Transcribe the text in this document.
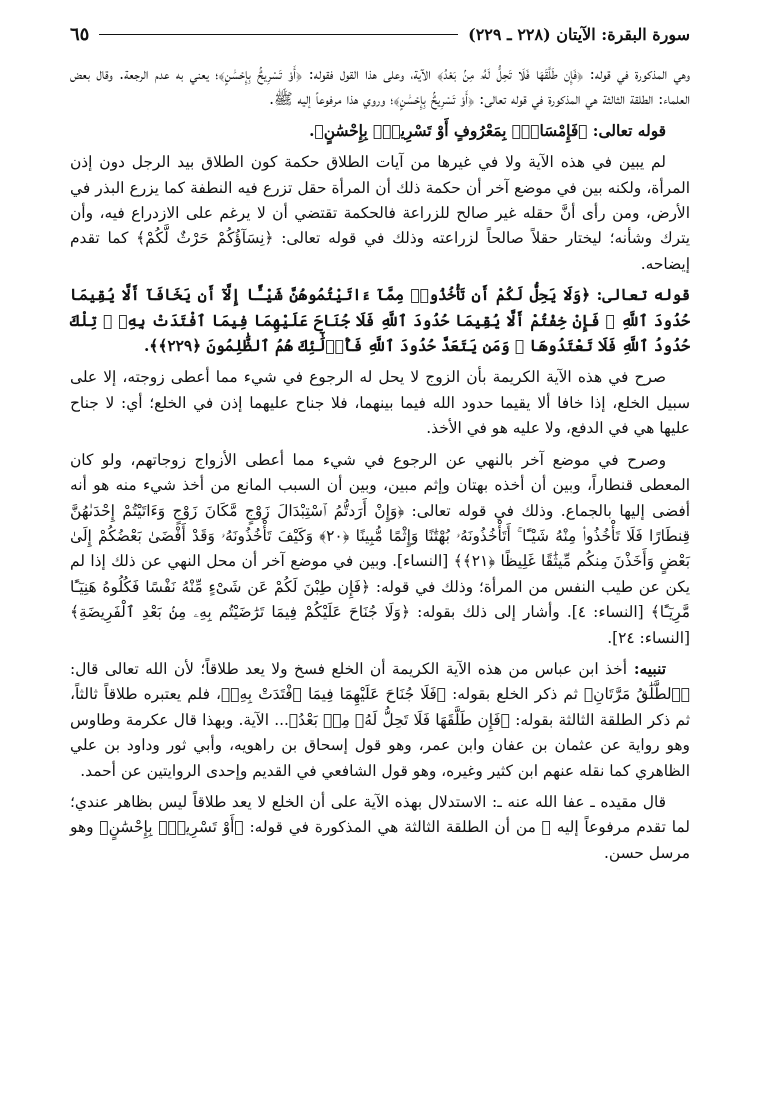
سورة البقرة: الآيتان (٢٢٨ ـ ٢٢٩)
٦٥

وهي المذكورة في قوله: ﴿فَإِن طَلَّقَهَا فَلَا تَحِلُّ لَهُۥ مِنۢ بَعْدُ﴾ الآية، وعلى هذا القول فقوله: ﴿أَوْ تَسْرِيحٌۢ بِإِحْسَٰنٍ﴾؛ يعني به عدم الرجعة. وقال بعض العلماء: الطلقة الثالثة هي المذكورة في قوله تعالى: ﴿أَوْ تَسْرِيحٌۢ بِإِحْسَٰنٍ﴾؛ وروي هذا مرفوعاً إليه ﷺ.

قوله تعالى: ﴿فَإِمْسَاكٌۢ بِمَعْرُوفٍ أَوْ تَسْرِيحٌۢ بِإِحْسَٰنٍ﴾.

لم يبين في هذه الآية ولا في غيرها من آيات الطلاق حكمة كون الطلاق بيد الرجل دون إذن المرأة، ولكنه بين في موضع آخر أن حكمة ذلك أن المرأة حقل تزرع فيه النطفة كما يزرع البذر في الأرض، ومن رأى أنَّ حقله غير صالح للزراعة فالحكمة تقتضي أن لا يرغم على الازدراع فيه، وأن يترك وشأنه؛ ليختار حقلاً صالحاً لزراعته وذلك في قوله تعالى: ﴿نِسَآؤُكُمْ حَرْثٌ لَّكُمْ﴾ كما تقدم إيضاحه.

قوله تعالى: ﴿وَلَا يَحِلُّ لَكُمْ أَن تَأْخُذُوا۟ مِمَّآ ءَاتَيْتُمُوهُنَّ شَيْـًٔا إِلَّآ أَن يَخَافَآ أَلَّا يُقِيمَا حُدُودَ ٱللَّهِ ۖ فَإِنْ خِفْتُمْ أَلَّا يُقِيمَا حُدُودَ ٱللَّهِ فَلَا جُنَاحَ عَلَيْهِمَا فِيمَا ٱفْتَدَتْ بِهِۦ ۗ تِلْكَ حُدُودُ ٱللَّهِ فَلَا تَعْتَدُوهَا ۚ وَمَن يَتَعَدَّ حُدُودَ ٱللَّهِ فَأُو۟لَٰٓئِكَ هُمُ ٱلظَّٰلِمُونَ ﴿٢٢٩﴾﴾.

صرح في هذه الآية الكريمة بأن الزوج لا يحل له الرجوع في شيء مما أعطى زوجته، إلا على سبيل الخلع، إذا خافا ألا يقيما حدود الله فيما بينهما، فلا جناح عليهما إذن في الخلع؛ أي: لا جناح عليها هي في الدفع، ولا عليه هو في الأخذ.

وصرح في موضع آخر بالنهي عن الرجوع في شيء مما أعطى الأزواج زوجاتهم، ولو كان المعطى قنطاراً، وبين أن أخذه بهتان وإثم مبين، وبين أن السبب المانع من أخذ شيء منه هو أنه أفضى إليها بالجماع. وذلك في قوله تعالى: ﴿وَإِنْ أَرَدتُّمُ ٱسْتِبْدَالَ زَوْجٍ مَّكَانَ زَوْجٍ وَءَاتَيْتُمْ إِحْدَىٰهُنَّ قِنطَارًا فَلَا تَأْخُذُوا۟ مِنْهُ شَيْـًٔا ۚ أَتَأْخُذُونَهُۥ بُهْتَٰنًا وَإِثْمًا مُّبِينًا ﴿٢٠﴾ وَكَيْفَ تَأْخُذُونَهُۥ وَقَدْ أَفْضَىٰ بَعْضُكُمْ إِلَىٰ بَعْضٍ وَأَخَذْنَ مِنكُم مِّيثَٰقًا غَلِيظًا ﴿٢١﴾﴾ [النساء]. وبين في موضع آخر أن محل النهي عن ذلك إذا لم يكن عن طيب النفس من المرأة؛ وذلك في قوله: ﴿فَإِن طِبْنَ لَكُمْ عَن شَىْءٍ مِّنْهُ نَفْسًا فَكُلُوهُ هَنِيٓـًٔا مَّرِيٓـًٔا﴾ [النساء: ٤]. وأشار إلى ذلك بقوله: ﴿وَلَا جُنَاحَ عَلَيْكُمْ فِيمَا تَرَٰضَيْتُم بِهِۦ مِنۢ بَعْدِ ٱلْفَرِيضَةِ﴾ [النساء: ٢٤].

تنبيه: أخذ ابن عباس من هذه الآية الكريمة أن الخلع فسخ ولا يعد طلاقاً؛ لأن الله تعالى قال: ﴿ٱلطَّلَٰقُ مَرَّتَانِ﴾ ثم ذكر الخلع بقوله: ﴿فَلَا جُنَاحَ عَلَيْهِمَا فِيمَا ٱفْتَدَتْ بِهِۦ﴾، فلم يعتبره طلاقاً ثالثاً، ثم ذكر الطلقة الثالثة بقوله: ﴿فَإِن طَلَّقَهَا فَلَا تَحِلُّ لَهُۥ مِنۢ بَعْدُ﴾... الآية. وبهذا قال عكرمة وطاوس وهو رواية عن عثمان بن عفان وابن عمر، وهو قول إسحاق بن راهويه، وأبي ثور وداود بن علي الظاهري كما نقله عنهم ابن كثير وغيره، وهو قول الشافعي في القديم وإحدى الروايتين عن أحمد.

قال مقيده ـ عفا الله عنه ـ: الاستدلال بهذه الآية على أن الخلع لا يعد طلاقاً ليس بظاهر عندي؛ لما تقدم مرفوعاً إليه ﷺ من أن الطلقة الثالثة هي المذكورة في قوله: ﴿أَوْ تَسْرِيحٌۢ بِإِحْسَٰنٍ﴾ وهو مرسل حسن.
